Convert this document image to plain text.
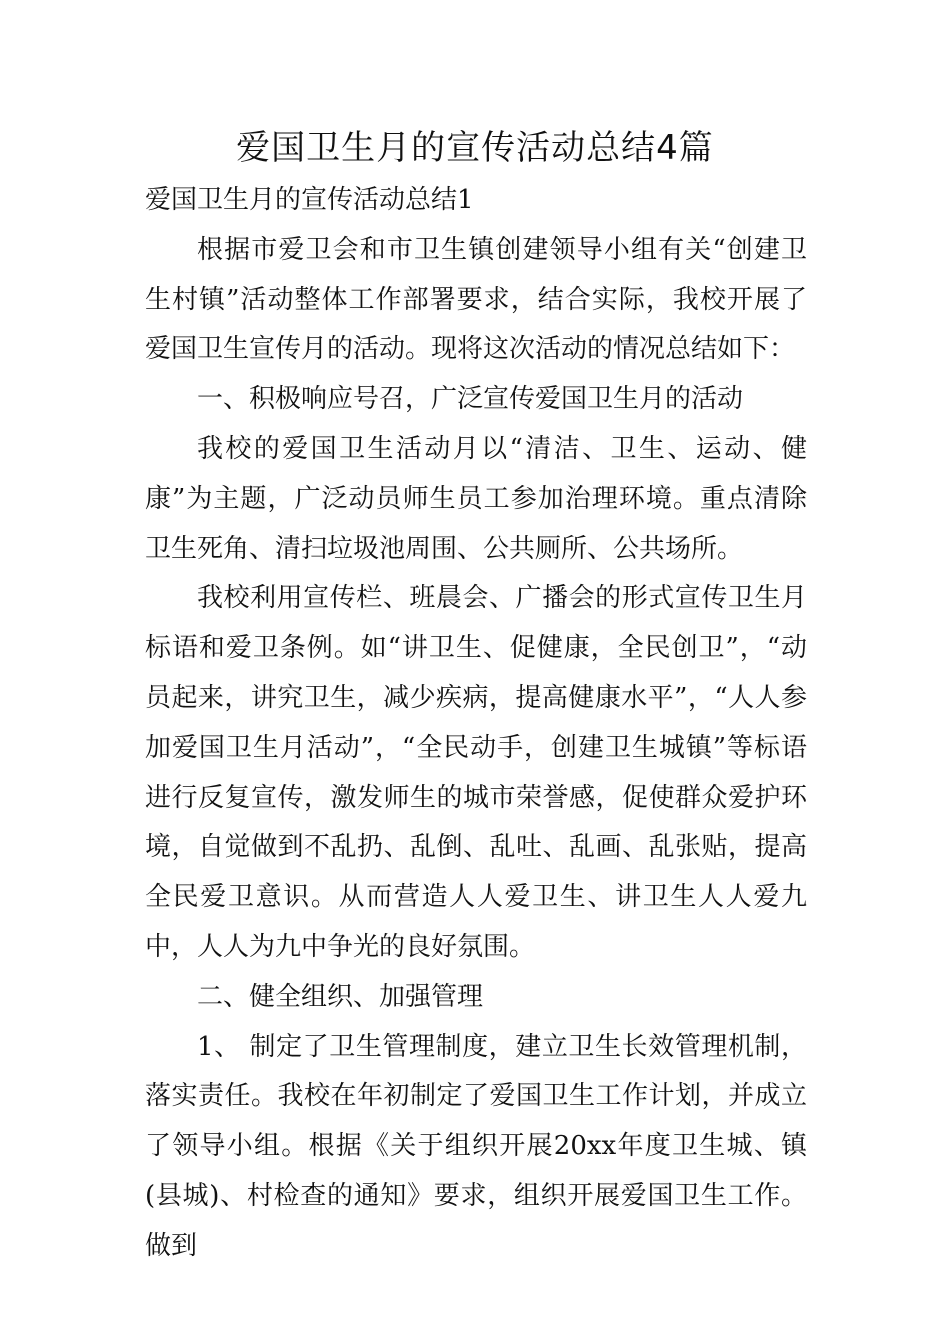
爱国卫生月的宣传活动总结4篇

爱国卫生月的宣传活动总结1

根据市爱卫会和市卫生镇创建领导小组有关“创建卫生村镇”活动整体工作部署要求，结合实际，我校开展了爱国卫生宣传月的活动。现将这次活动的情况总结如下：

一、积极响应号召，广泛宣传爱国卫生月的活动

我校的爱国卫生活动月以“清洁、卫生、运动、健康”为主题，广泛动员师生员工参加治理环境。重点清除卫生死角、清扫垃圾池周围、公共厕所、公共场所。

我校利用宣传栏、班晨会、广播会的形式宣传卫生月标语和爱卫条例。如“讲卫生、促健康，全民创卫”，“动员起来，讲究卫生，减少疾病，提高健康水平”，“人人参加爱国卫生月活动”，“全民动手，创建卫生城镇”等标语进行反复宣传，激发师生的城市荣誉感，促使群众爱护环境，自觉做到不乱扔、乱倒、乱吐、乱画、乱张贴，提高全民爱卫意识。从而营造人人爱卫生、讲卫生人人爱九中，人人为九中争光的良好氛围。

二、健全组织、加强管理

1、 制定了卫生管理制度，建立卫生长效管理机制，落实责任。我校在年初制定了爱国卫生工作计划，并成立了领导小组。根据《关于组织开展20xx年度卫生城、镇(县城)、村检查的通知》要求，组织开展爱国卫生工作。做到
